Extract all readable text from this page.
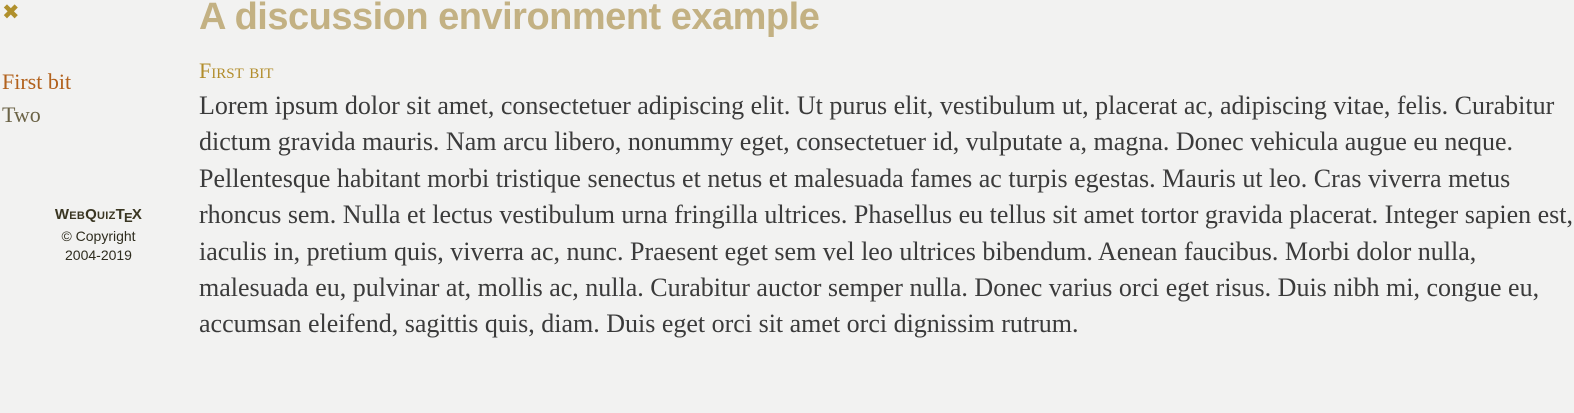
✖
First bit
Two
WEBQUIZTEX
© Copyright
2004-2019
A discussion environment example
First bit

Lorem ipsum dolor sit amet, consectetuer adipiscing elit. Ut purus elit, vestibulum ut, placerat ac, adipiscing vitae, felis. Curabitur dictum gravida mauris. Nam arcu libero, nonummy eget, consectetuer id, vulputate a, magna. Donec vehicula augue eu neque. Pellentesque habitant morbi tristique senectus et netus et malesuada fames ac turpis egestas. Mauris ut leo. Cras viverra metus rhoncus sem. Nulla et lectus vestibulum urna fringilla ultrices. Phasellus eu tellus sit amet tortor gravida placerat. Integer sapien est, iaculis in, pretium quis, viverra ac, nunc. Praesent eget sem vel leo ultrices bibendum. Aenean faucibus. Morbi dolor nulla, malesuada eu, pulvinar at, mollis ac, nulla. Curabitur auctor semper nulla. Donec varius orci eget risus. Duis nibh mi, congue eu, accumsan eleifend, sagittis quis, diam. Duis eget orci sit amet orci dignissim rutrum.
